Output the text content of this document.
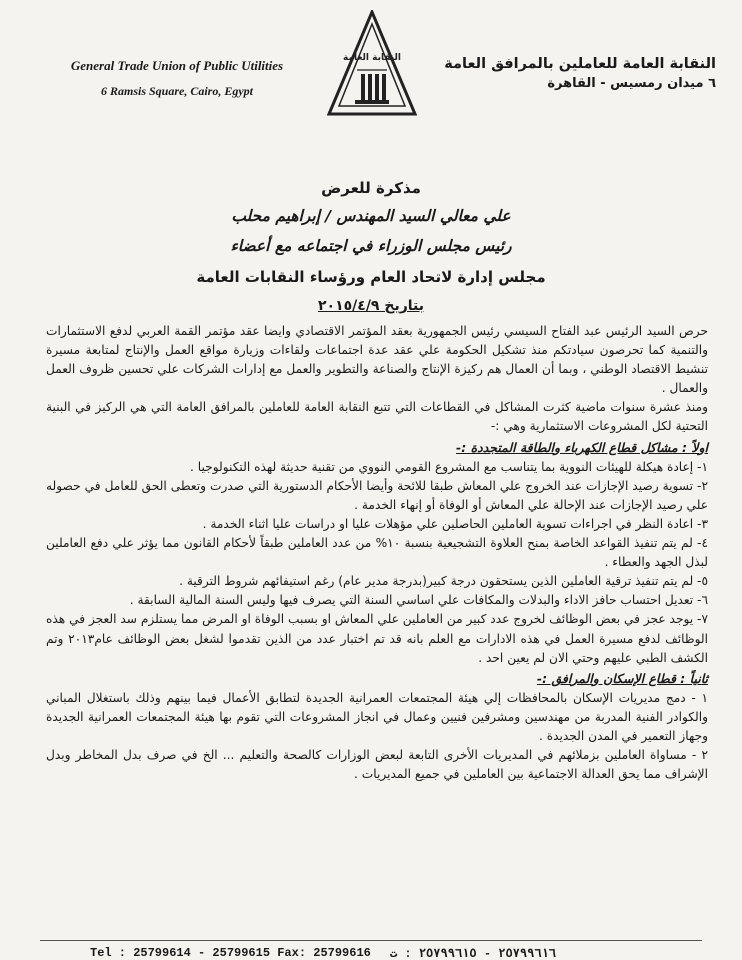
General Trade Union of Public Utilities
6 Ramsis Square, Cairo, Egypt
النقابة العامة	النقابة العامة للعاملين بالمرافق العامة
٦ ميدان رمسيس - القاهرة
مذكرة للعرض
علي معالي السيد المهندس / إبراهيم محلب
رئيس مجلس الوزراء في اجتماعه مع أعضاء
مجلس إدارة لاتحاد العام ورؤساء النقابات العامة
بتاريخ ٢٠١٥/٤/٩

حرص السيد الرئيس عبد الفتاح السيسي رئيس الجمهورية بعقد المؤتمر الاقتصادي وايضا عقد مؤتمر القمة العربي لدفع الاستثمارات والتنمية كما تحرصون سيادتكم منذ تشكيل الحكومة علي عقد عدة اجتماعات ولقاءات وزيارة مواقع العمل والإنتاج لمتابعة مسيرة تنشيط الاقتصاد الوطني ، وبما أن العمال هم ركيزة الإنتاج والصناعة والتطوير والعمل مع إدارات الشركات علي تحسين ظروف العمل والعمال .

ومنذ عشرة سنوات ماضية كثرت المشاكل في القطاعات التي تتبع النقابة العامة للعاملين بالمرافق العامة التي هي الركيز في البنية التحتية لكل المشروعات الاستثمارية وهي :-

اولاً : مشاكل قطاع الكهرباء والطاقة المتجددة :-

١- إعادة هيكلة للهيئات النووية بما يتناسب مع المشروع القومي النووي من تقنية حديثة لهذه التكنولوجيا .

٢- تسوية رصيد الإجازات عند الخروج علي المعاش طبقا للائحة وأيضا الأحكام الدستورية التي صدرت وتعطى الحق للعامل في حصوله علي رصيد الإجازات عند الإحالة علي المعاش أو الوفاة أو إنهاء الخدمة .

٣- اعادة النظر في اجراءات تسوية العاملين الحاصلين علي مؤهلات عليا او دراسات عليا اثناء الخدمة .

٤- لم يتم تنفيذ القواعد الخاصة بمنح العلاوة التشجيعية بنسبة ١٠% من عدد العاملين طبقاً لأحكام القانون مما يؤثر علي دفع العاملين لبذل الجهد والعطاء .

٥- لم يتم تنفيذ ترقية العاملين الذين يستحقون درجة كبير(بدرجة مدير عام) رغم استيفائهم شروط الترقية .

٦- تعديل احتساب حافز الاداء والبدلات والمكافات علي اساسي السنة التي يصرف فيها وليس السنة المالية السابقة .

٧- يوجد عجز في بعض الوظائف لخروج عدد كبير من العاملين علي المعاش او بسبب الوفاة او المرض مما يستلزم سد العجز في هذه الوظائف لدفع مسيرة العمل في هذه الادارات مع العلم بانه قد تم اختبار عدد من الذين تقدموا لشغل بعض الوظائف عام٢٠١٣ وتم الكشف الطبي عليهم وحتي الان لم يعين احد .

ثانياً : قطاع الإسكان والمرافق :-

١ - دمج مديريات الإسكان بالمحافظات إلي هيئة المجتمعات العمرانية الجديدة لتطابق الأعمال فيما بينهم وذلك باستغلال المباني والكوادر الفنية المدربة من مهندسين ومشرفين فنيين وعمال في انجاز المشروعات التي تقوم بها هيئة المجتمعات العمرانية الجديدة وجهاز التعمير في المدن الجديدة .

٢ - مساواة العاملين بزملائهم في المديريات الأخرى التابعة لبعض الوزارات كالصحة والتعليم ... الخ في صرف بدل المخاطر وبدل الإشراف مما يحق العدالة الاجتماعية بين العاملين في جميع المديريات .

Tel : 25799614 - 25799615 Fax: 25799616 ٢٥٧٩٩٦١٦ - ٢٥٧٩٩٦١٥ : ت
